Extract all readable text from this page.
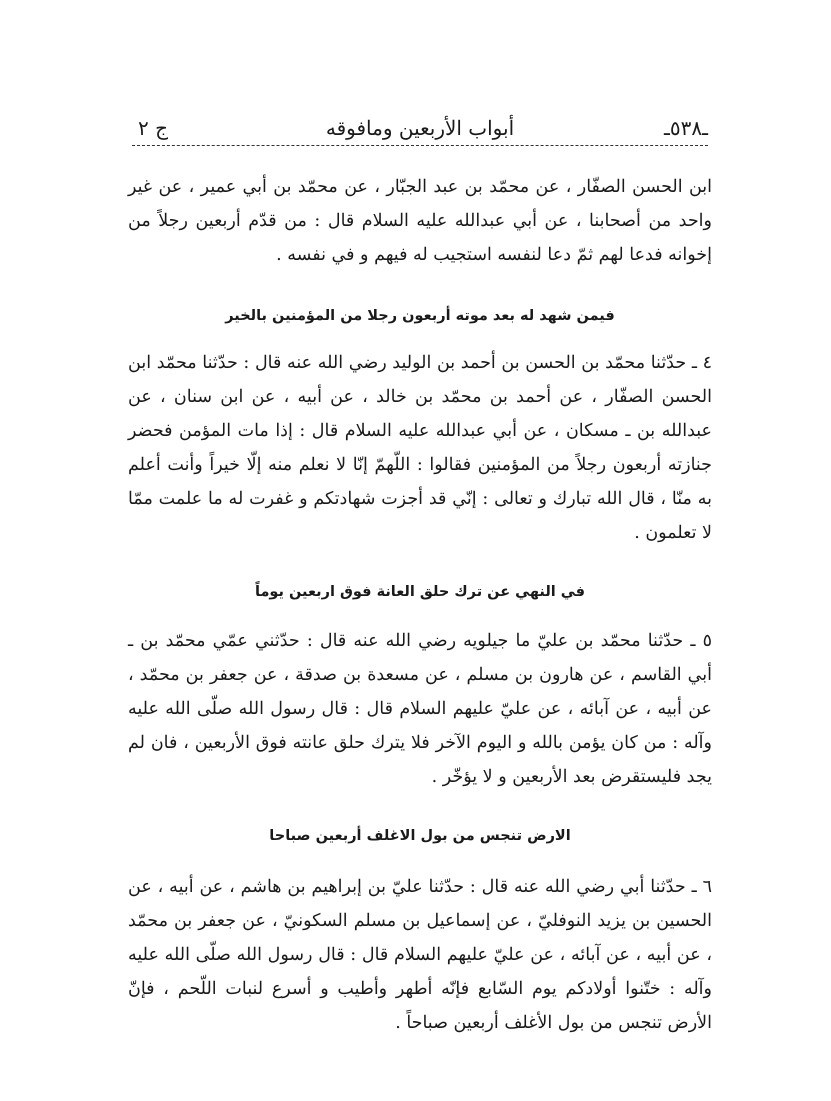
ـ٥٣٨ـ
أبواب الأربعين ومافوقه
ج ٢

ابن الحسن الصفّار ، عن محمّد بن عبد الجبّار ، عن محمّد بن أبي عمير ، عن غير واحد من أصحابنا ، عن أبي عبدالله عليه السلام قال : من قدّم أربعين رجلاً من إخوانه فدعا لهم ثمّ دعا لنفسه استجيب له فيهم و في نفسه .

فيمن شهد له بعد موته أربعون رجلا من المؤمنين بالخير

٤ ـ حدّثنا محمّد بن الحسن بن أحمد بن الوليد رضي الله عنه قال : حدّثنا محمّد ابن الحسن الصفّار ، عن أحمد بن محمّد بن خالد ، عن أبيه ، عن ابن سنان ، عن عبدالله بن ـ مسكان ، عن أبي عبدالله عليه السلام قال : إذا مات المؤمن فحضر جنازته أربعون رجلاً من المؤمنين فقالوا : اللّهمّ إنّا لا نعلم منه إلّا خيراً وأنت أعلم به منّا ، قال الله تبارك و تعالى : إنّي قد أجزت شهادتكم و غفرت له ما علمت ممّا لا تعلمون .

في النهي عن ترك حلق العانة فوق اربعين يوماً

٥ ـ حدّثنا محمّد بن عليّ ما جيلويه رضي الله عنه قال : حدّثني عمّي محمّد بن ـ أبي القاسم ، عن هارون بن مسلم ، عن مسعدة بن صدقة ، عن جعفر بن محمّد ، عن أبيه ، عن آبائه ، عن عليّ عليهم السلام قال : قال رسول الله صلّى الله عليه وآله : من كان يؤمن بالله و اليوم الآخر فلا يترك حلق عانته فوق الأربعين ، فان لم يجد فليستقرض بعد الأربعين و لا يؤخّر .

الارض تنجس من بول الاغلف أربعين صباحا

٦ ـ حدّثنا أبي رضي الله عنه قال : حدّثنا عليّ بن إبراهيم بن هاشم ، عن أبيه ، عن الحسين بن يزيد النوفليّ ، عن إسماعيل بن مسلم السكونيّ ، عن جعفر بن محمّد ، عن أبيه ، عن آبائه ، عن عليّ عليهم السلام قال : قال رسول الله صلّى الله عليه وآله : ختّنوا أولادكم يوم السّابع فإنّه أطهر وأطيب و أسرع لنبات اللّحم ، فإنّ الأرض تنجس من بول الأغلف أربعين صباحاً .
